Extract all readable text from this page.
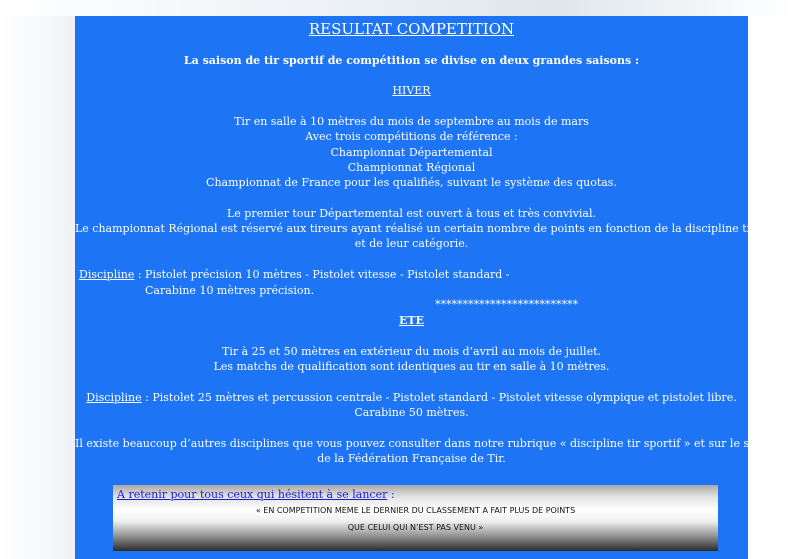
RESULTAT COMPETITION
La saison de tir sportif de compétition se divise en deux grandes saisons :
HIVER
Tir en salle à 10 mètres du mois de septembre au mois de mars
Avec trois compétitions de référence :
Championnat Départemental
Championnat Régional
Championnat de France pour les qualifiés, suivant le système des quotas.
Le premier tour Départemental est ouvert à tous et très convivial.
Le championnat Régional est réservé aux tireurs ayant réalisé un certain nombre de points en fonction de la discipline tirée
et de leur catégorie.
Discipline : Pistolet précision 10 mètres - Pistolet vitesse - Pistolet standard -
Carabine 10 mètres précision.
**************************
ETE
Tir à 25 et 50 mètres en extérieur du mois d’avril au mois de juillet.
Les matchs de qualification sont identiques au tir en salle à 10 mètres.
Discipline : Pistolet 25 mètres et percussion centrale - Pistolet standard - Pistolet vitesse olympique et pistolet libre.
Carabine 50 mètres.
Il existe beaucoup d’autres disciplines que vous pouvez consulter dans notre rubrique « discipline tir sportif » et sur le site
de la Fédération Française de Tir.
A retenir pour tous ceux qui hésitent à se lancer :
« EN COMPETITION MEME LE DERNIER DU CLASSEMENT A FAIT PLUS DE POINTS
QUE CELUI QUI N’EST PAS VENU »
